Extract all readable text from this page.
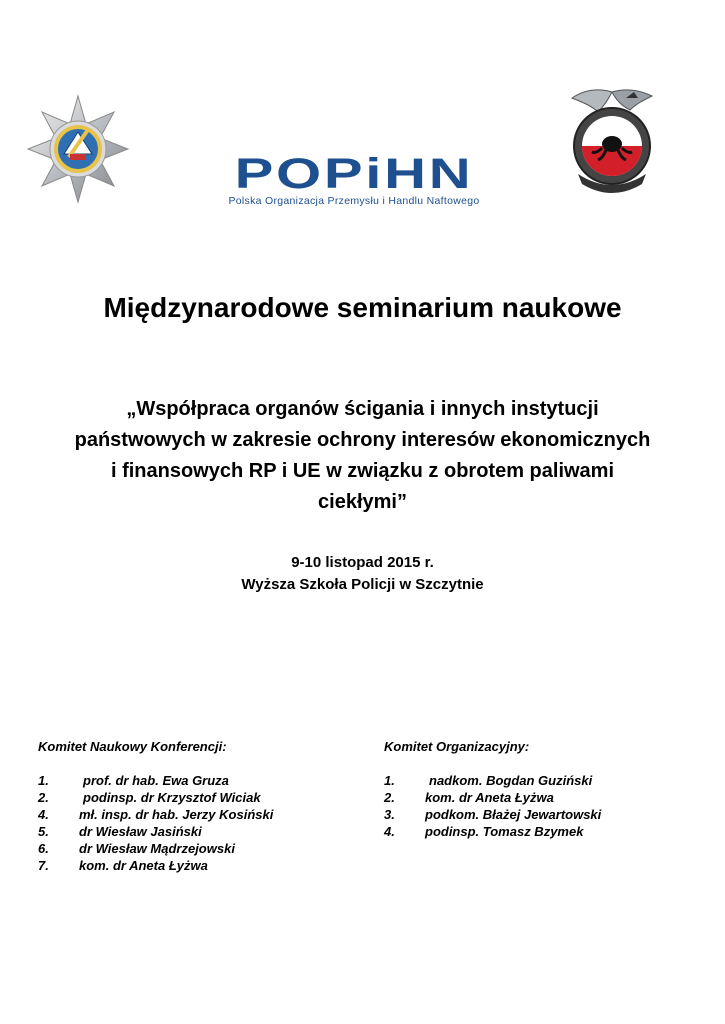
POPiHN
Polska Organizacja Przemysłu i Handlu Naftowego
Międzynarodowe seminarium naukowe
„Współpraca organów ścigania i innych instytucji
państwowych w zakresie ochrony interesów ekonomicznych
i finansowych RP i UE w związku z obrotem paliwami
ciekłymi”
9-10 listopad 2015 r.
Wyższa Szkoła Policji w Szczytnie
Komitet Naukowy Konferencji:
1.	prof. dr hab. Ewa Gruza
2.	podinsp. dr Krzysztof Wiciak
4. mł. insp. dr hab. Jerzy Kosiński
5. dr Wiesław Jasiński
6. dr Wiesław Mądrzejowski
7. kom. dr Aneta Łyżwa
Komitet Organizacyjny:
1.	nadkom. Bogdan Guziński
2. kom. dr Aneta Łyżwa
3. podkom. Błażej Jewartowski
4. podinsp. Tomasz Bzymek
